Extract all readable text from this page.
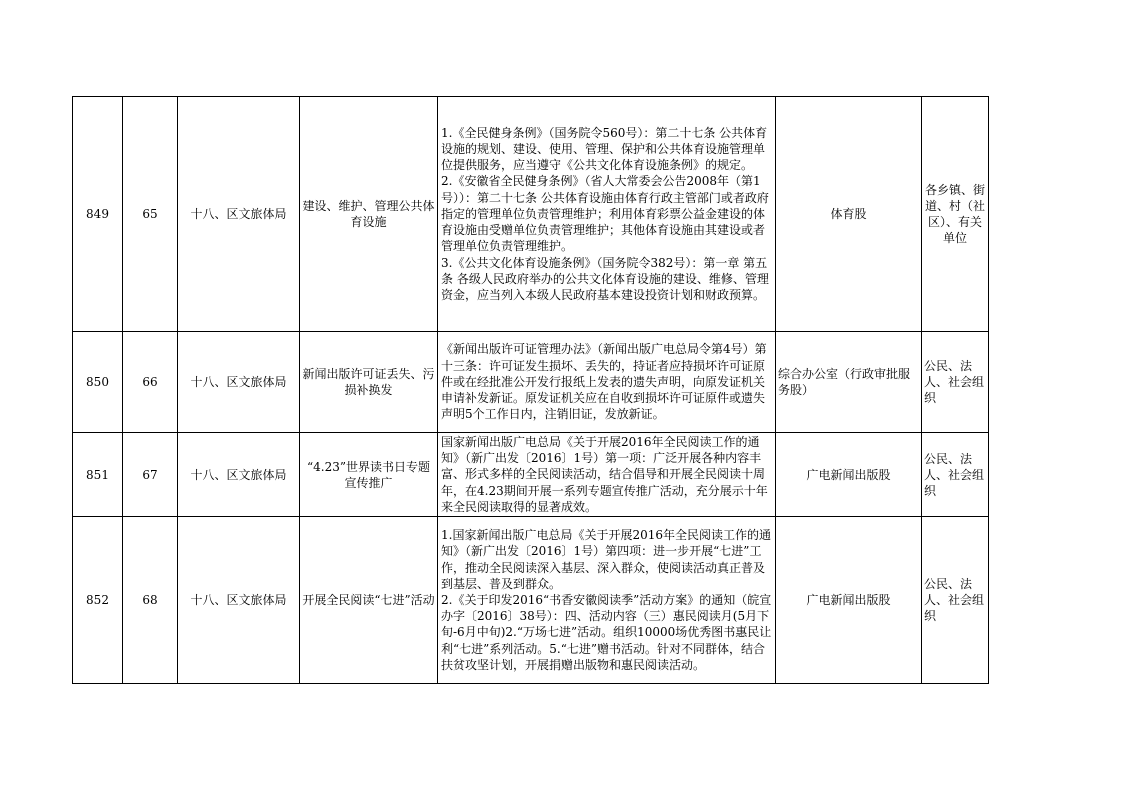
849	65	十八、区文旅体局	建设、维护、管理公共体育设施	1.《全民健身条例》（国务院令560号）：第二十七条 公共体育设施的规划、建设、使用、管理、保护和公共体育设施管理单位提供服务，应当遵守《公共文化体育设施条例》的规定。
2.《安徽省全民健身条例》（省人大常委会公告2008年（第1号））：第二十七条 公共体育设施由体育行政主管部门或者政府指定的管理单位负责管理维护；利用体育彩票公益金建设的体育设施由受赠单位负责管理维护；其他体育设施由其建设或者管理单位负责管理维护。
3.《公共文化体育设施条例》（国务院令382号）：第一章 第五条 各级人民政府举办的公共文化体育设施的建设、维修、管理资金，应当列入本级人民政府基本建设投资计划和财政预算。	体育股	各乡镇、街道、村（社区）、有关单位
850	66	十八、区文旅体局	新闻出版许可证丢失、污损补换发	《新闻出版许可证管理办法》（新闻出版广电总局令第4号）第十三条：许可证发生损坏、丢失的，持证者应持损坏许可证原件或在经批准公开发行报纸上发表的遗失声明，向原发证机关申请补发新证。原发证机关应在自收到损坏许可证原件或遗失声明5个工作日内，注销旧证，发放新证。	综合办公室（行政审批服务股）	公民、法人、社会组织
851	67	十八、区文旅体局	“4.23”世界读书日专题宣传推广	国家新闻出版广电总局《关于开展2016年全民阅读工作的通知》（新广出发〔2016〕1号）第一项：广泛开展各种内容丰富、形式多样的全民阅读活动，结合倡导和开展全民阅读十周年，在4.23期间开展一系列专题宣传推广活动，充分展示十年来全民阅读取得的显著成效。	广电新闻出版股	公民、法人、社会组织
852	68	十八、区文旅体局	开展全民阅读“七进”活动	1.国家新闻出版广电总局《关于开展2016年全民阅读工作的通知》（新广出发〔2016〕1号）第四项：进一步开展“七进”工作，推动全民阅读深入基层、深入群众，使阅读活动真正普及到基层、普及到群众。
2.《关于印发2016“书香安徽阅读季”活动方案》的通知（皖宣办字〔2016〕38号）：四、活动内容（三）惠民阅读月(5月下旬-6月中旬)2.“万场七进”活动。组织10000场优秀图书惠民让利“七进”系列活动。5.“七进”赠书活动。针对不同群体，结合扶贫攻坚计划，开展捐赠出版物和惠民阅读活动。	广电新闻出版股	公民、法人、社会组织
